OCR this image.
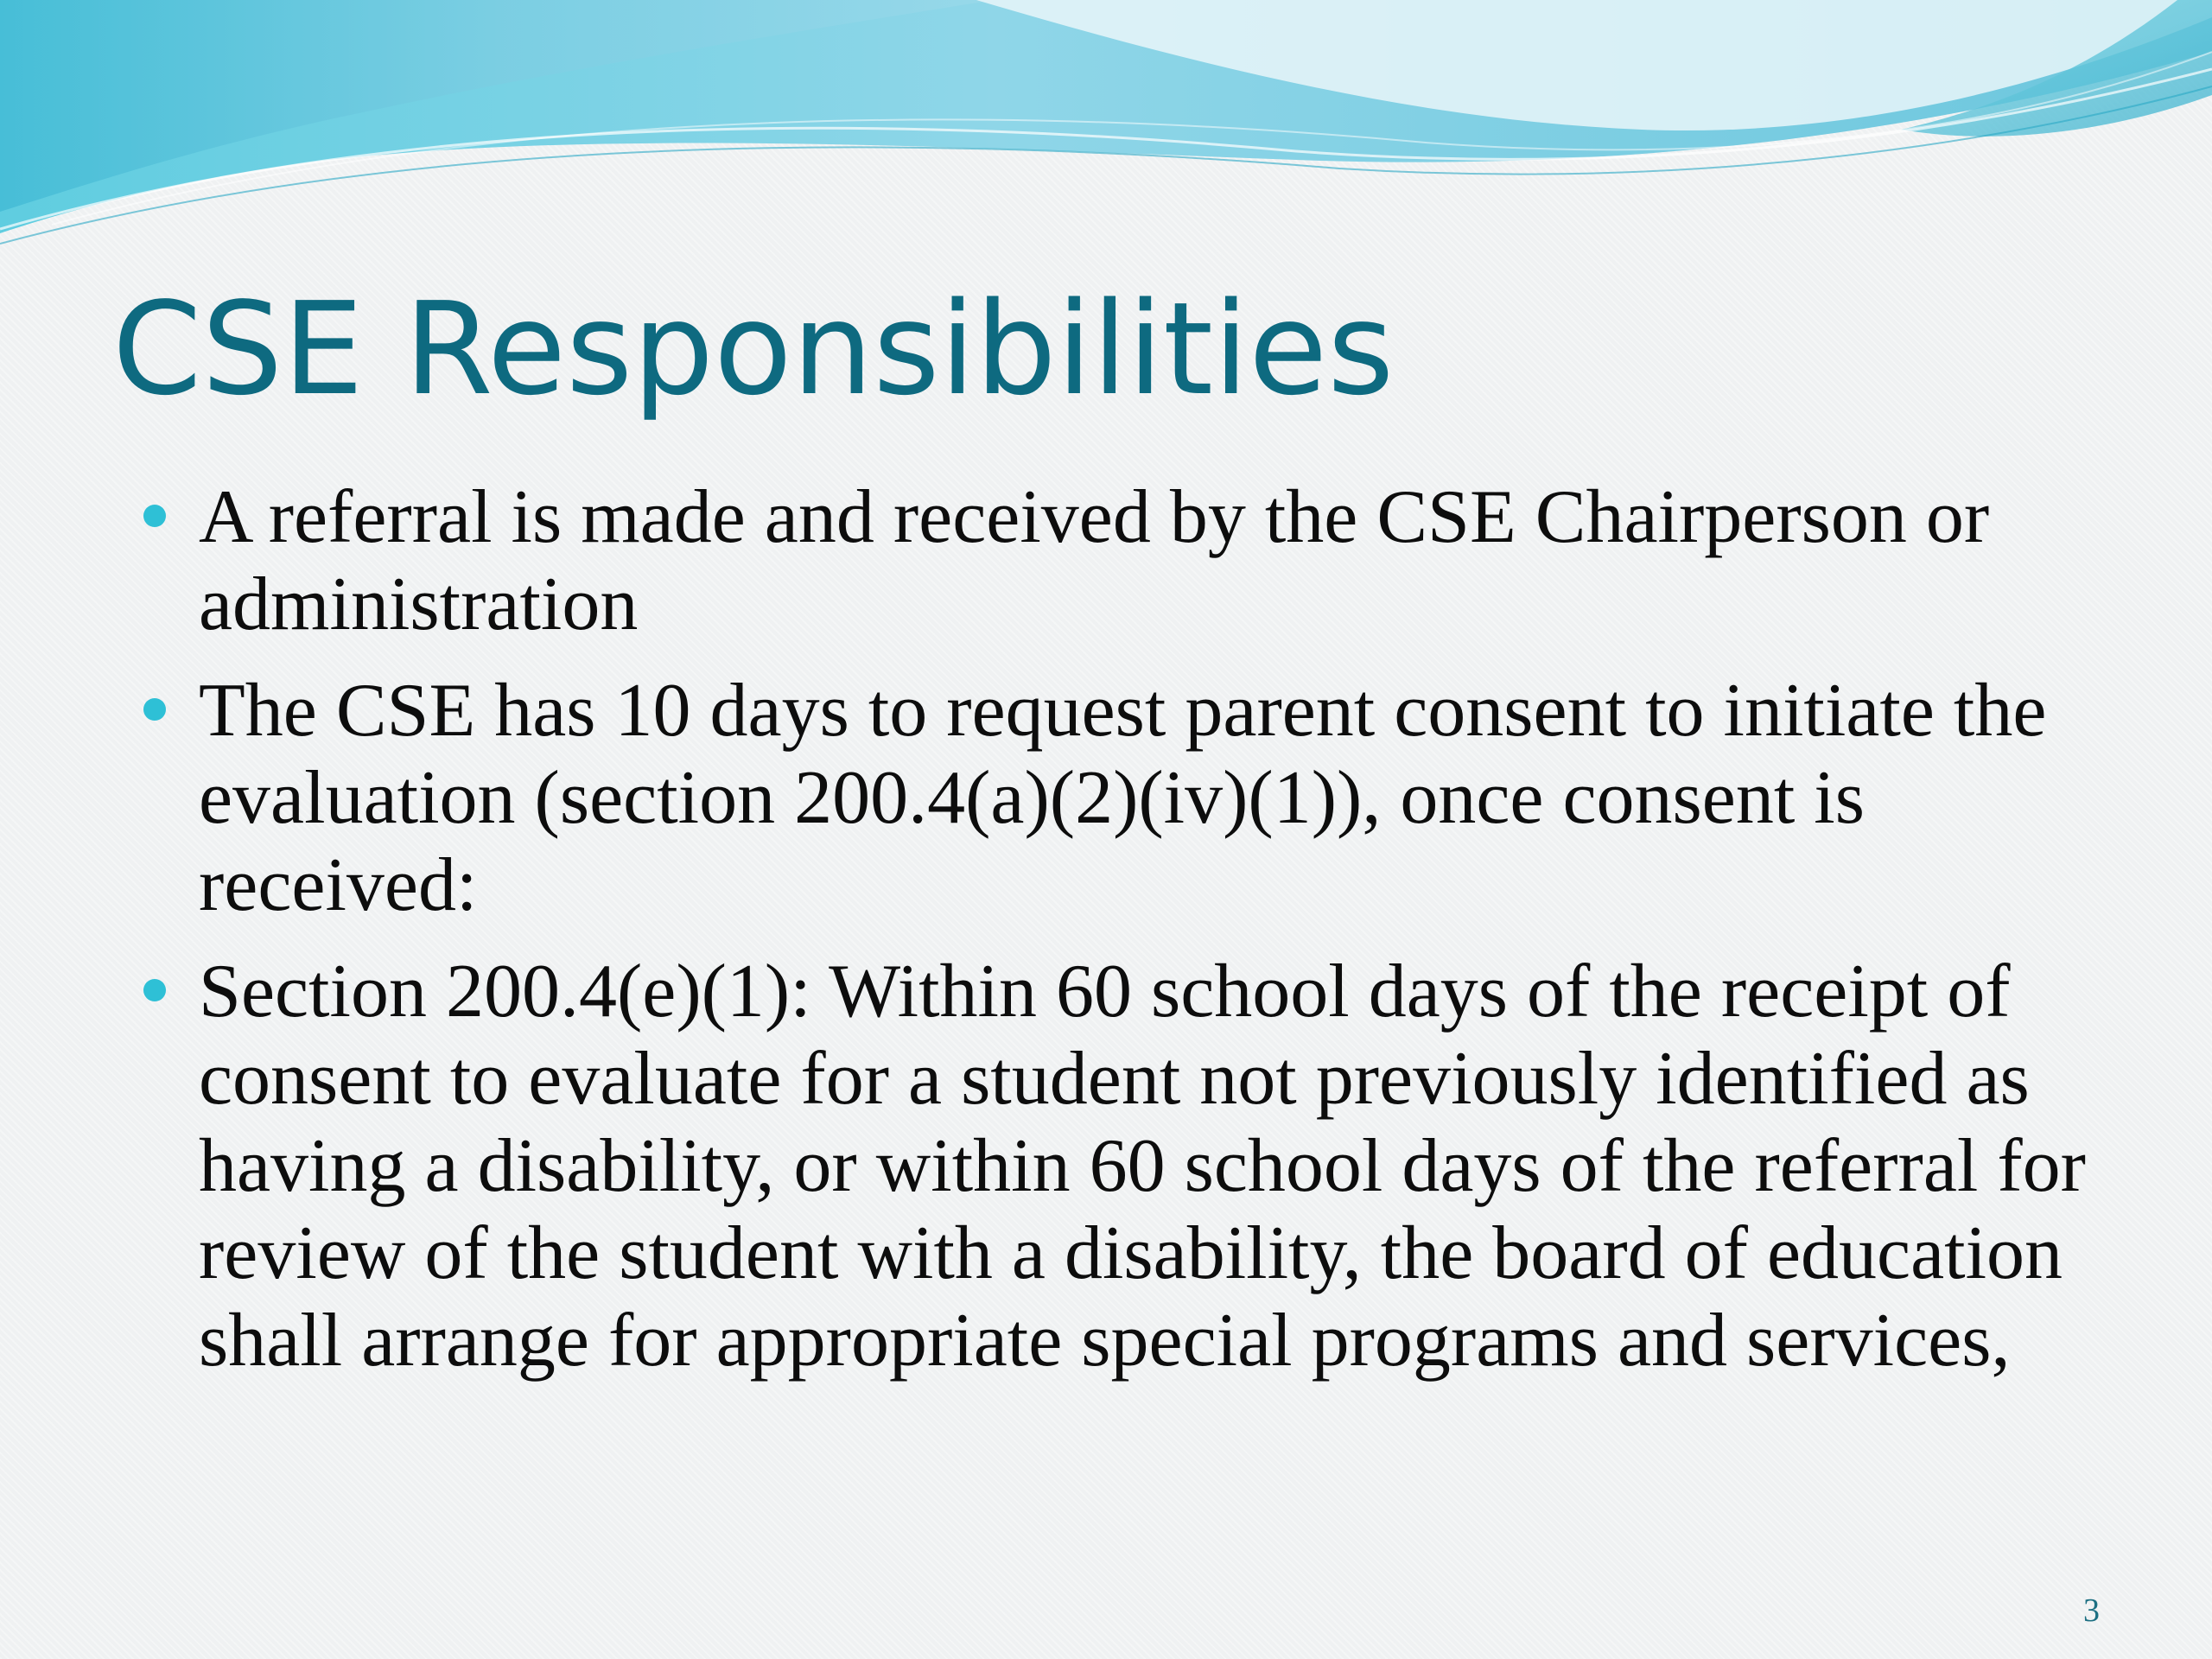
CSE Responsibilities
A referral is made and received by the CSE Chairperson or administration
The CSE has 10 days to request parent consent to initiate the evaluation (section 200.4(a)(2)(iv)(1)), once consent is received:
Section 200.4(e)(1): Within 60 school days of the receipt of consent to evaluate for a student not previously identified as having a disability, or within 60 school days of the referral for review of the student with a disability, the board of education shall arrange for appropriate special programs and services,
3
